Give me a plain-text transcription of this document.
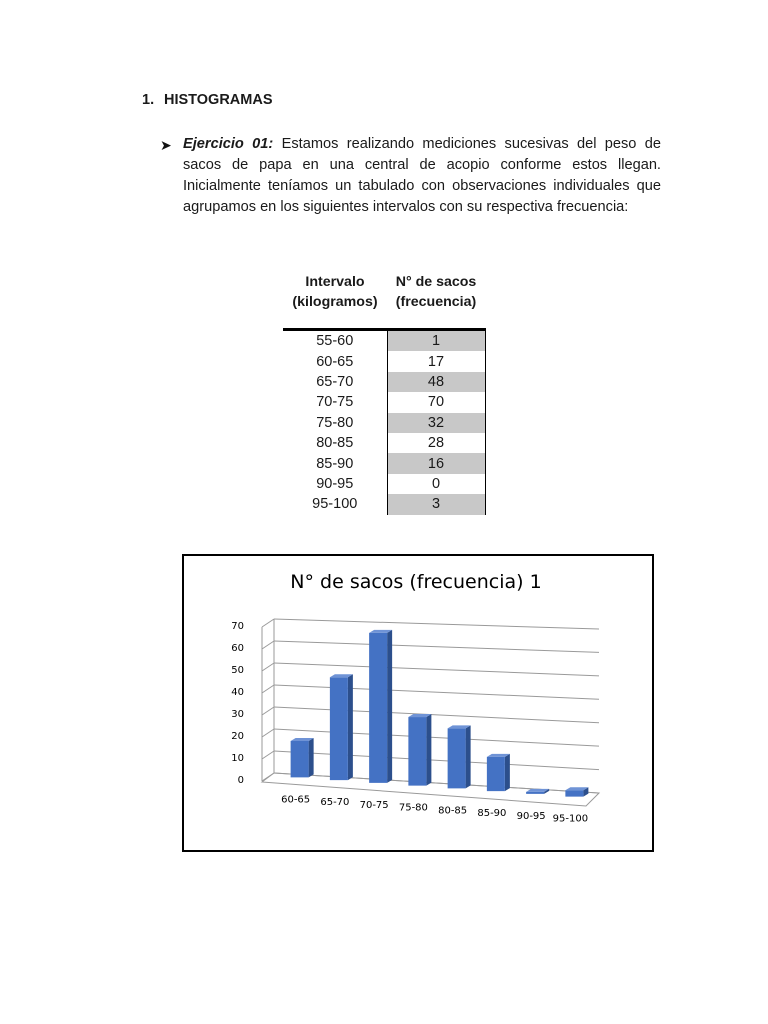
1. HISTOGRAMAS
➤ Ejercicio 01: Estamos realizando mediciones sucesivas del peso de sacos de papa en una central de acopio conforme estos llegan. Inicialmente teníamos un tabulado con observaciones individuales que agrupamos en los siguientes intervalos con su respectiva frecuencia:
Intervalo (kilogramos)	N° de sacos (frecuencia)
55-60	1
60-65	17
65-70	48
70-75	70
75-80	32
80-85	28
85-90	16
90-95	0
95-100	3
0
10
20
30
40
50
60
70
60-65 65-70 70-75 75-80 80-85 85-90 90-95 95-100
N° de sacos (frecuencia) 1
